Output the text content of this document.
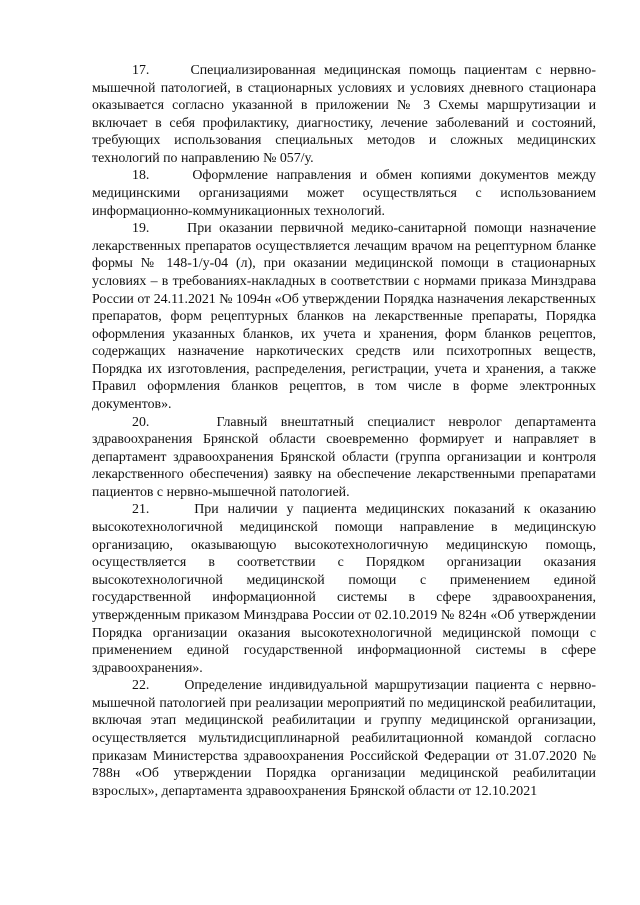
17.	Специализированная медицинская помощь пациентам с нервно-мышечной патологией, в стационарных условиях и условиях дневного стационара оказывается согласно указанной в приложении № 3 Схемы маршрутизации и включает в себя профилактику, диагностику, лечение заболеваний и состояний, требующих использования специальных методов и сложных медицинских технологий по направлению № 057/у.

18.	Оформление направления и обмен копиями документов между медицинскими организациями может осуществляться с использованием информационно-коммуникационных технологий.

19.	При оказании первичной медико-санитарной помощи назначение лекарственных препаратов осуществляется лечащим врачом на рецептурном бланке формы № 148-1/у-04 (л), при оказании медицинской помощи в стационарных условиях – в требованиях-накладных в соответствии с нормами приказа Минздрава России от 24.11.2021 № 1094н «Об утверждении Порядка назначения лекарственных препаратов, форм рецептурных бланков на лекарственные препараты, Порядка оформления указанных бланков, их учета и хранения, форм бланков рецептов, содержащих назначение наркотических средств или психотропных веществ, Порядка их изготовления, распределения, регистрации, учета и хранения, а также Правил оформления бланков рецептов, в том числе в форме электронных документов».

20.	Главный внештатный специалист невролог департамента здравоохранения Брянской области своевременно формирует и направляет в департамент здравоохранения Брянской области (группа организации и контроля лекарственного обеспечения) заявку на обеспечение лекарственными препаратами пациентов с нервно-мышечной патологией.

21.	При наличии у пациента медицинских показаний к оказанию высокотехнологичной медицинской помощи направление в медицинскую организацию, оказывающую высокотехнологичную медицинскую помощь, осуществляется в соответствии с Порядком организации оказания высокотехнологичной медицинской помощи с применением единой государственной информационной системы в сфере здравоохранения, утвержденным приказом Минздрава России от 02.10.2019 № 824н «Об утверждении Порядка организации оказания высокотехнологичной медицинской помощи с применением единой государственной информационной системы в сфере здравоохранения».

22.	Определение индивидуальной маршрутизации пациента с нервно-мышечной патологией при реализации мероприятий по медицинской реабилитации, включая этап медицинской реабилитации и группу медицинской организации, осуществляется мультидисциплинарной реабилитационной командой согласно приказам Министерства здравоохранения Российской Федерации от 31.07.2020 № 788н «Об утверждении Порядка организации медицинской реабилитации взрослых», департамента здравоохранения Брянской области от 12.10.2021
